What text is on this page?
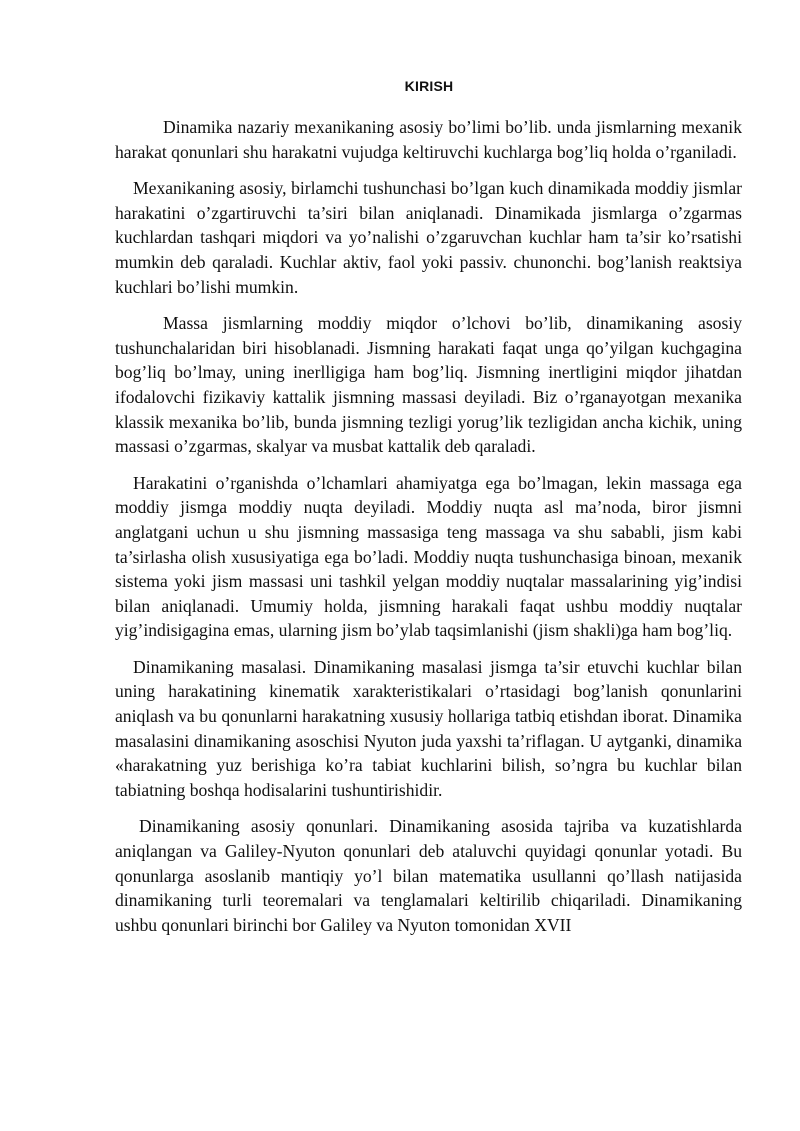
KIRISH

Dinamika nazariy mexanikaning asosiy bo’limi bo’lib. unda jismlarning mexanik harakat qonunlari shu harakatni vujudga keltiruvchi kuchlarga bog’liq holda o’rganiladi.

Mexanikaning asosiy, birlamchi tushunchasi bo’lgan kuch dinamikada moddiy jismlar harakatini o’zgartiruvchi ta’siri bilan aniqlanadi. Dinamikada jismlarga o’zgarmas kuchlardan tashqari miqdori va yo’nalishi o’zgaruvchan kuchlar ham ta’sir ko’rsatishi mumkin deb qaraladi. Kuchlar aktiv, faol yoki passiv. chunonchi. bog’lanish reaktsiya kuchlari bo’lishi mumkin.

Massa jismlarning moddiy miqdor o’lchovi bo’lib, dinamikaning asosiy tushunchalaridan biri hisoblanadi. Jismning harakati faqat unga qo’yilgan kuchgagina bog’liq bo’lmay, uning inerlligiga ham bog’liq. Jismning inertligini miqdor jihatdan ifodalovchi fizikaviy kattalik jismning massasi deyiladi. Biz o’rganayotgan mexanika klassik mexanika bo’lib, bunda jismning tezligi yorug’lik tezligidan ancha kichik, uning massasi o’zgarmas, skalyar va musbat kattalik deb qaraladi.

Harakatini o’rganishda o’lchamlari ahamiyatga ega bo’lmagan, lekin massaga ega moddiy jismga moddiy nuqta deyiladi. Moddiy nuqta asl ma’noda, biror jismni anglatgani uchun u shu jismning massasiga teng massaga va shu sababli, jism kabi ta’sirlasha olish xususiyatiga ega bo’ladi. Moddiy nuqta tushunchasiga binoan, mexanik sistema yoki jism massasi uni tashkil yelgan moddiy nuqtalar massalarining yig’indisi bilan aniqlanadi. Umumiy holda, jismning harakali faqat ushbu moddiy nuqtalar yig’indisigagina emas, ularning jism bo’ylab taqsimlanishi (jism shakli)ga ham bog’liq.

Dinamikaning masalasi. Dinamikaning masalasi jismga ta’sir etuvchi kuchlar bilan uning harakatining kinematik xarakteristikalari o’rtasidagi bog’lanish qonunlarini aniqlash va bu qonunlarni harakatning xususiy hollariga tatbiq etishdan iborat. Dinamika masalasini dinamikaning asoschisi Nyuton juda yaxshi ta’riflagan. U aytganki, dinamika «harakatning yuz berishiga ko’ra tabiat kuchlarini bilish, so’ngra bu kuchlar bilan tabiatning boshqa hodisalarini tushuntirishidir.

Dinamikaning asosiy qonunlari. Dinamikaning asosida tajriba va kuzatishlarda aniqlangan va Galiley-Nyuton qonunlari deb ataluvchi quyidagi qonunlar yotadi. Bu qonunlarga asoslanib mantiqiy yo’l bilan matematika usullanni qo’llash natijasida dinamikaning turli teoremalari va tenglamalari keltirilib chiqariladi. Dinamikaning ushbu qonunlari birinchi bor Galiley va Nyuton tomonidan XVII
